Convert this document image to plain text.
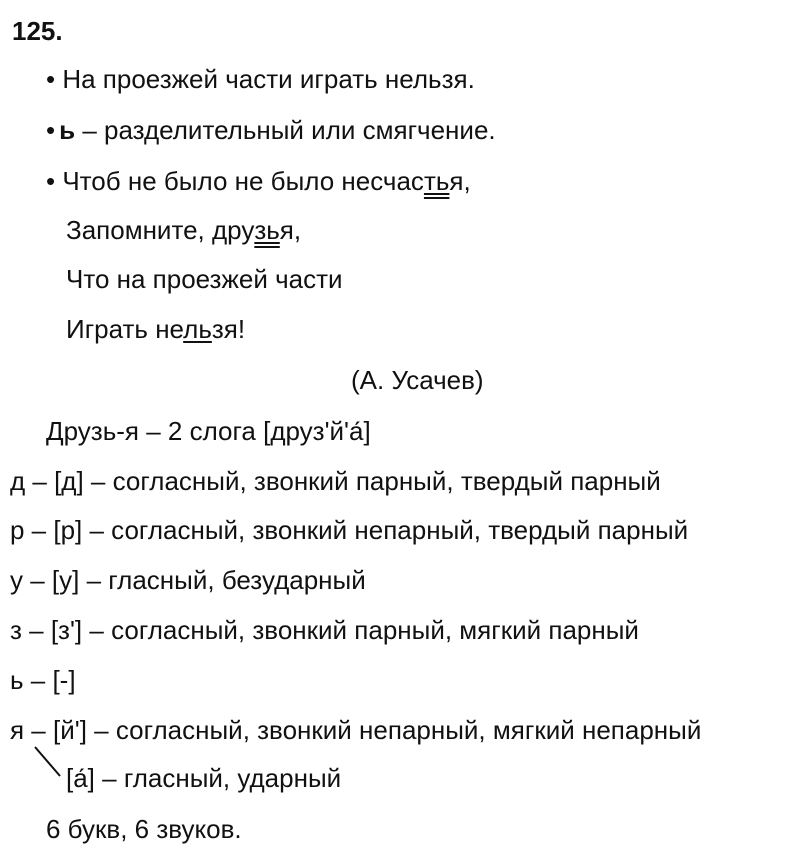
125.
• На проезжей части играть нельзя.
• ь – разделительный или смягчение.
• Чтоб не было не было несчастья,
Запомните, друзья,
Что на проезжей части
Играть нельзя!
(А. Усачев)
Друзь-я – 2 слога [друз'й'а́]
д – [д] – согласный, звонкий парный, твердый парный
р – [р] – согласный, звонкий непарный, твердый парный
у – [у] – гласный, безударный
з – [з'] – согласный, звонкий парный, мягкий парный
ь – [-]
я – [й'] – согласный, звонкий непарный, мягкий непарный
[а́] – гласный, ударный
6 букв, 6 звуков.
